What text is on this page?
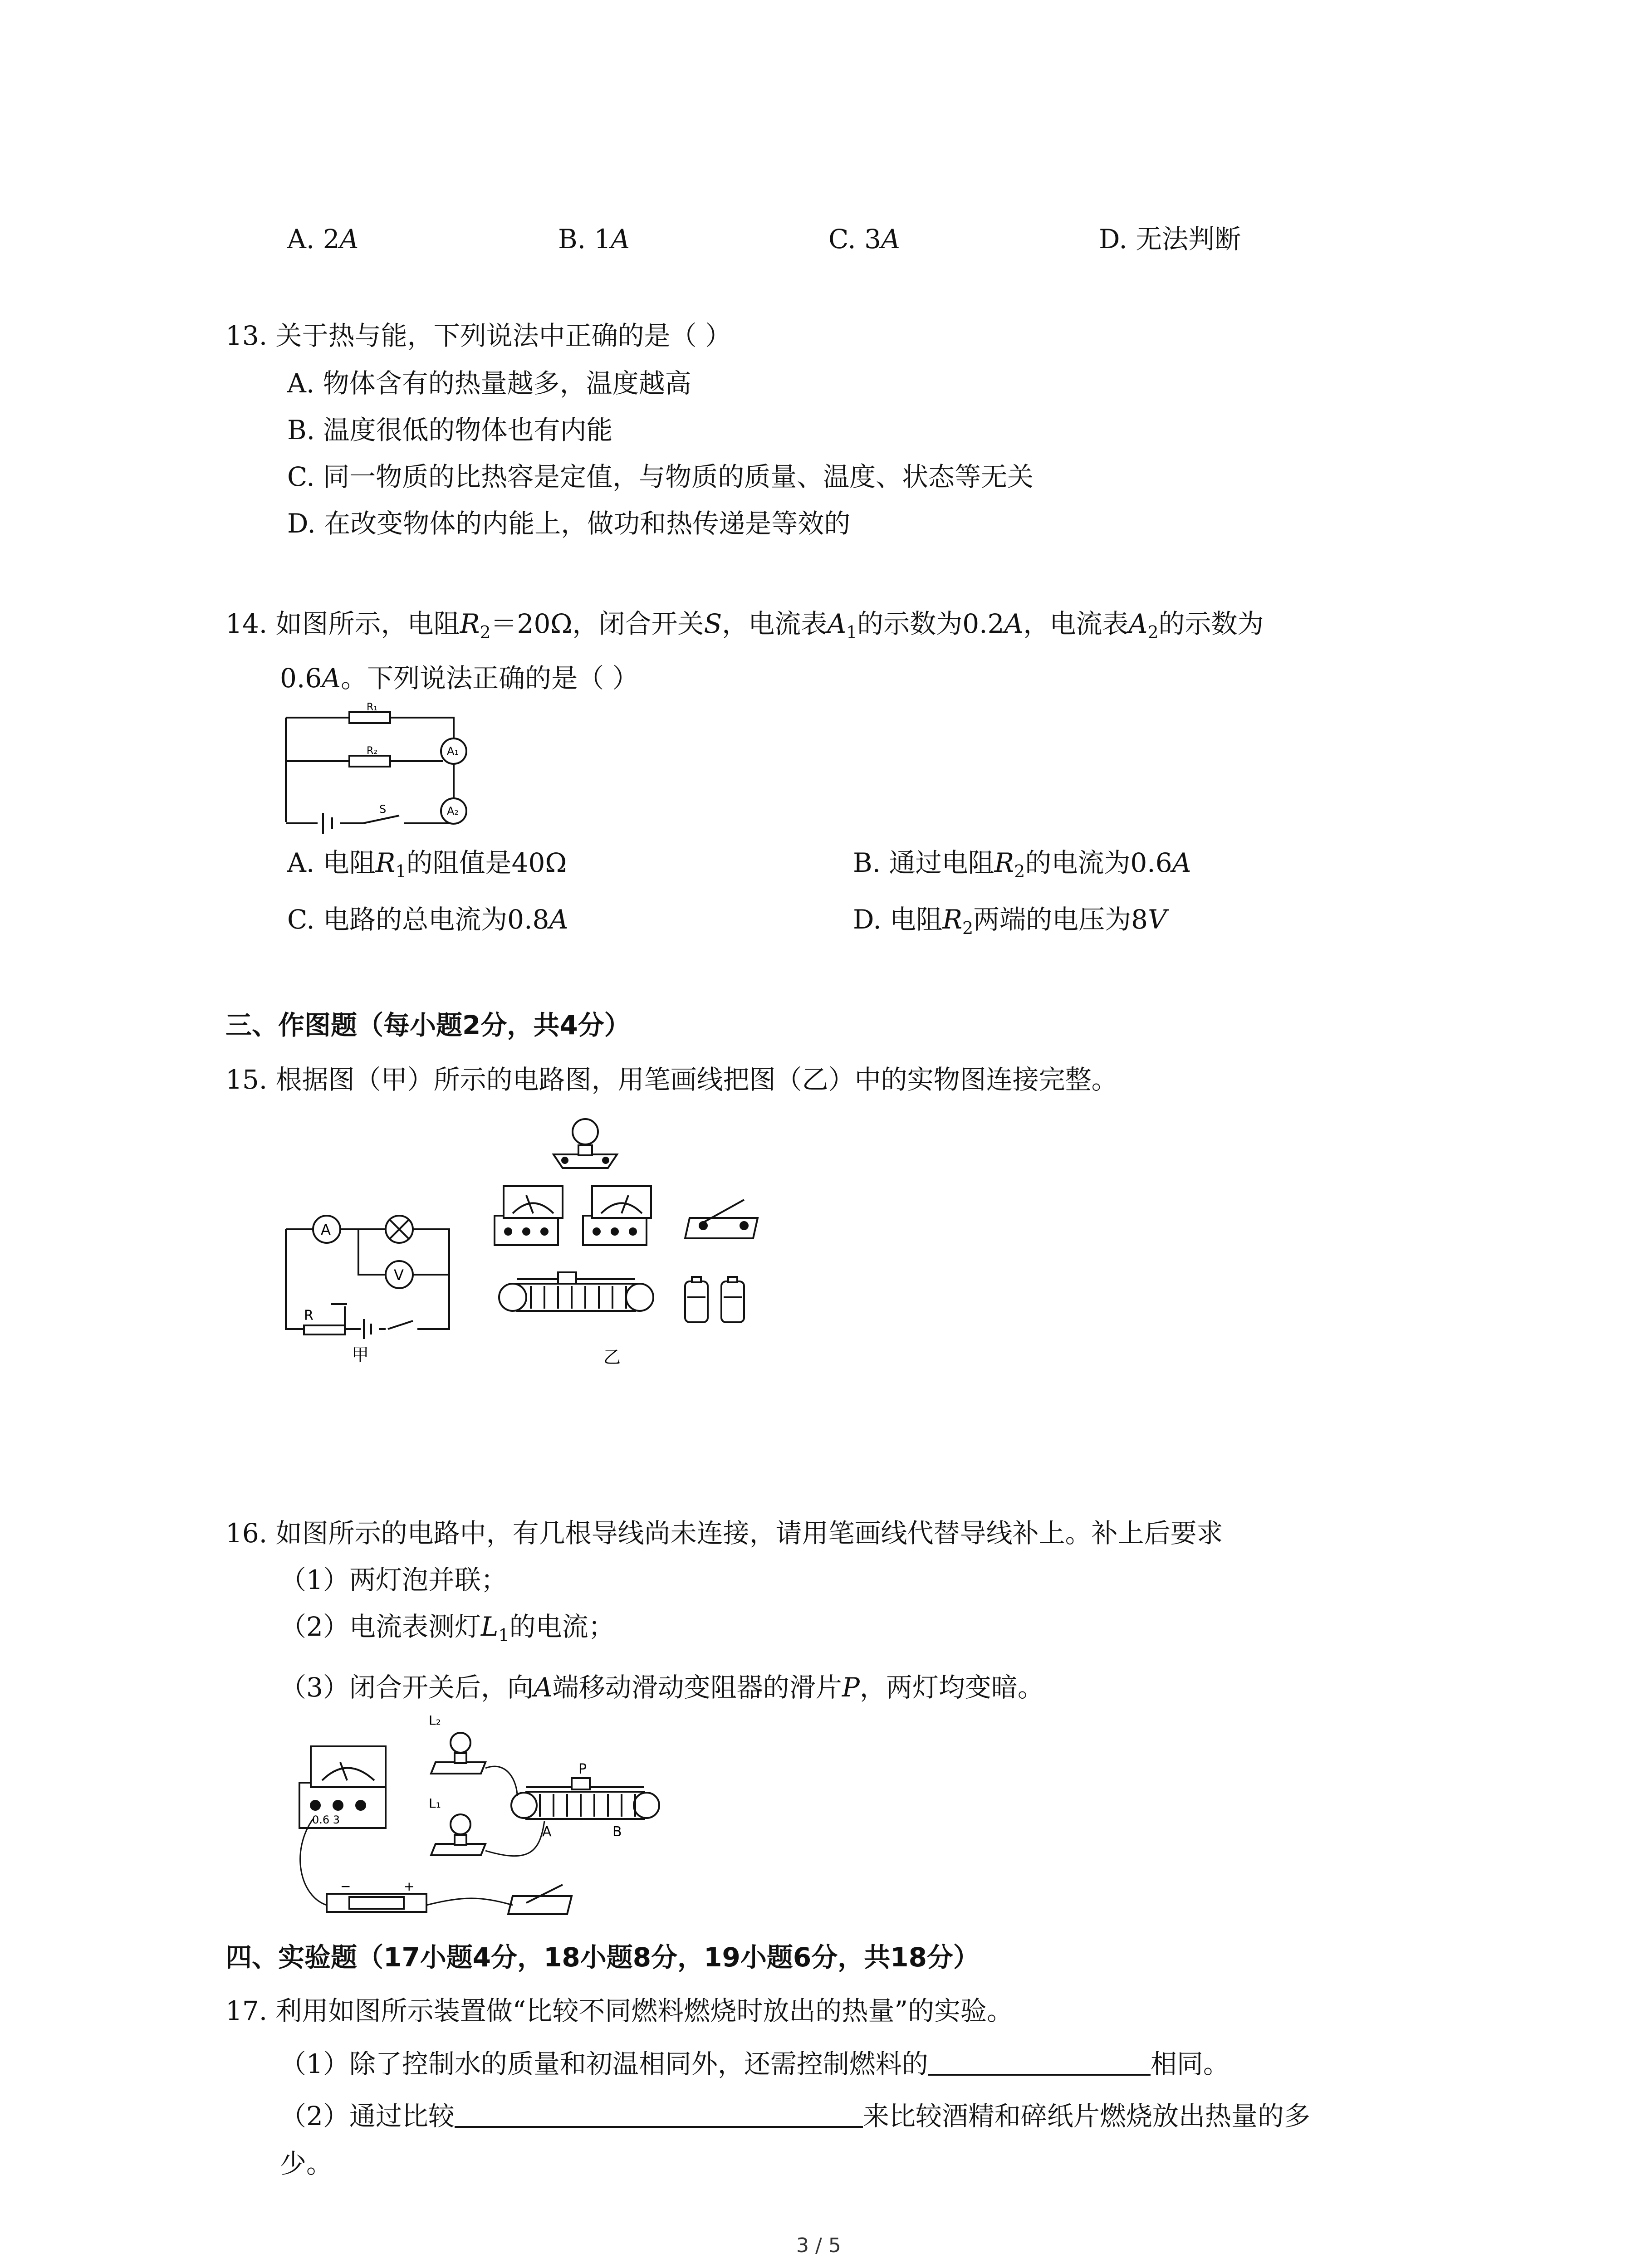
A. 2A	B. 1A	C. 3A	D. 无法判断
13. 关于热与能，下列说法中正确的是（ ）
A. 物体含有的热量越多，温度越高
B. 温度很低的物体也有内能
C. 同一物质的比热容是定值，与物质的质量、温度、状态等无关
D. 在改变物体的内能上，做功和热传递是等效的
14. 如图所示，电阻$R_2=20\Omega$，闭合开关S，电流表$A_1$的示数为0.2A，电流表$A_2$的示数为
0.6A。下列说法正确的是（ ）
R₁
R₂	A₁
A₂
S
A. 电阻$R_1$的阻值是40Ω	B. 通过电阻$R_2$的电流为0.6A
C. 电路的总电流为0.8A	D. 电阻$R_2$两端的电压为8V
三、作图题（每小题2分，共4分）
15. 根据图（甲）所示的电路图，用笔画线把图（乙）中的实物图连接完整。
A
V
R
甲	乙
16. 如图所示的电路中，有几根导线尚未连接，请用笔画线代替导线补上。补上后要求
（1）两灯泡并联；
（2）电流表测灯$L_1$的电流；
（3）闭合开关后，向A端移动滑动变阻器的滑片P，两灯均变暗。
L₂
L₁
P
A	B
0.6 3
−	+
四、实验题（17小题4分，18小题8分，19小题6分，共18分）
17. 利用如图所示装置做“比较不同燃料燃烧时放出的热量”的实验。
（1）除了控制水的质量和初温相同外，还需控制燃料的	相同。
（2）通过比较	来比较酒精和碎纸片燃烧放出热量的多
少。
3 / 5
